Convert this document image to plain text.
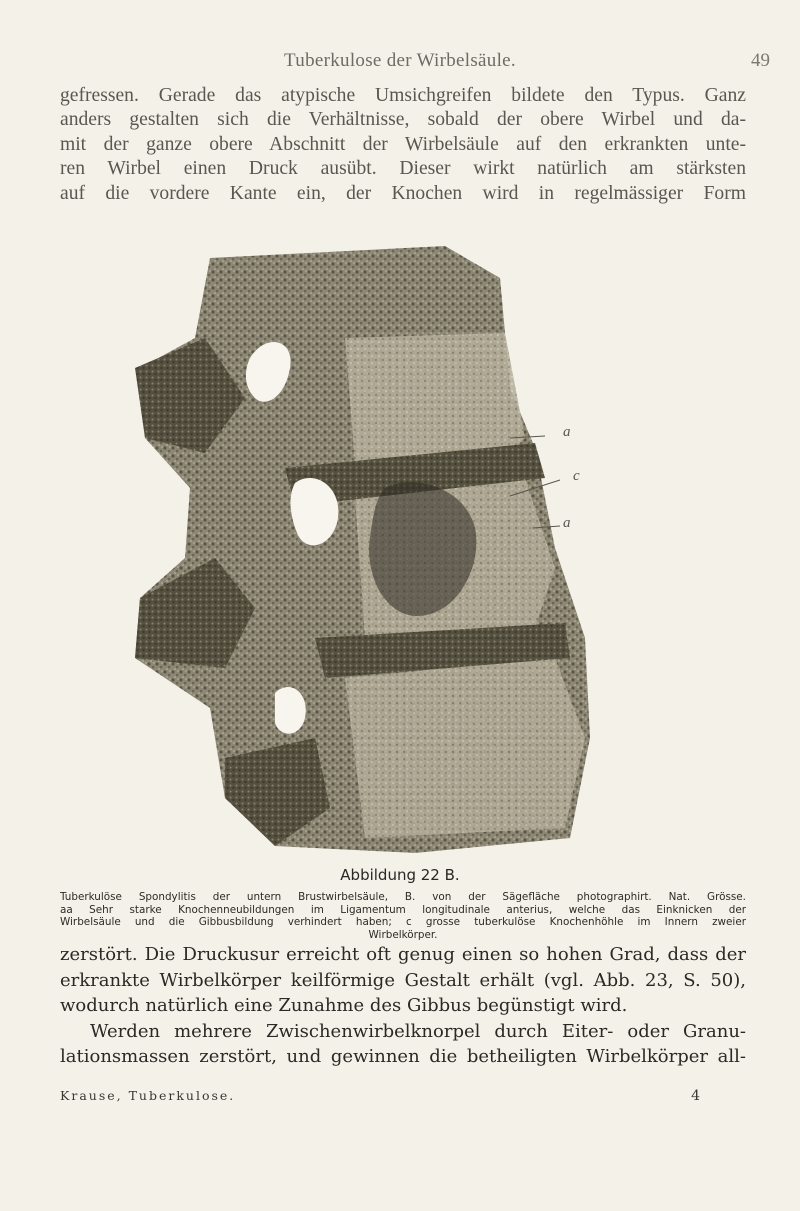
Tuberkulose der Wirbelsäule.	49
gefressen. Gerade das atypische Umsichgreifen bildete den Typus. Ganz
anders gestalten sich die Verhältnisse, sobald der obere Wirbel und da-
mit der ganze obere Abschnitt der Wirbelsäule auf den erkrankten unte-
ren Wirbel einen Druck ausübt. Dieser wirkt natürlich am stärksten
auf die vordere Kante ein, der Knochen wird in regelmässiger Form
a
c
a
Abbildung 22 B.
Tuberkulöse Spondylitis der untern Brustwirbelsäule, B. von der Sägefläche photographirt. Nat. Grösse.
aa Sehr starke Knochenneubildungen im Ligamentum longitudinale anterius, welche das Einknicken der
Wirbelsäule und die Gibbusbildung verhindert haben; c grosse tuberkulöse Knochenhöhle im Innern zweier
Wirbelkörper.
zerstört. Die Druckusur erreicht oft genug einen so hohen Grad, dass der
erkrankte Wirbelkörper keilförmige Gestalt erhält (vgl. Abb. 23, S. 50),
wodurch natürlich eine Zunahme des Gibbus begünstigt wird.
Werden mehrere Zwischenwirbelknorpel durch Eiter- oder Granu-
lationsmassen zerstört, und gewinnen die betheiligten Wirbelkörper all-
Krause, Tuberkulose.	4
